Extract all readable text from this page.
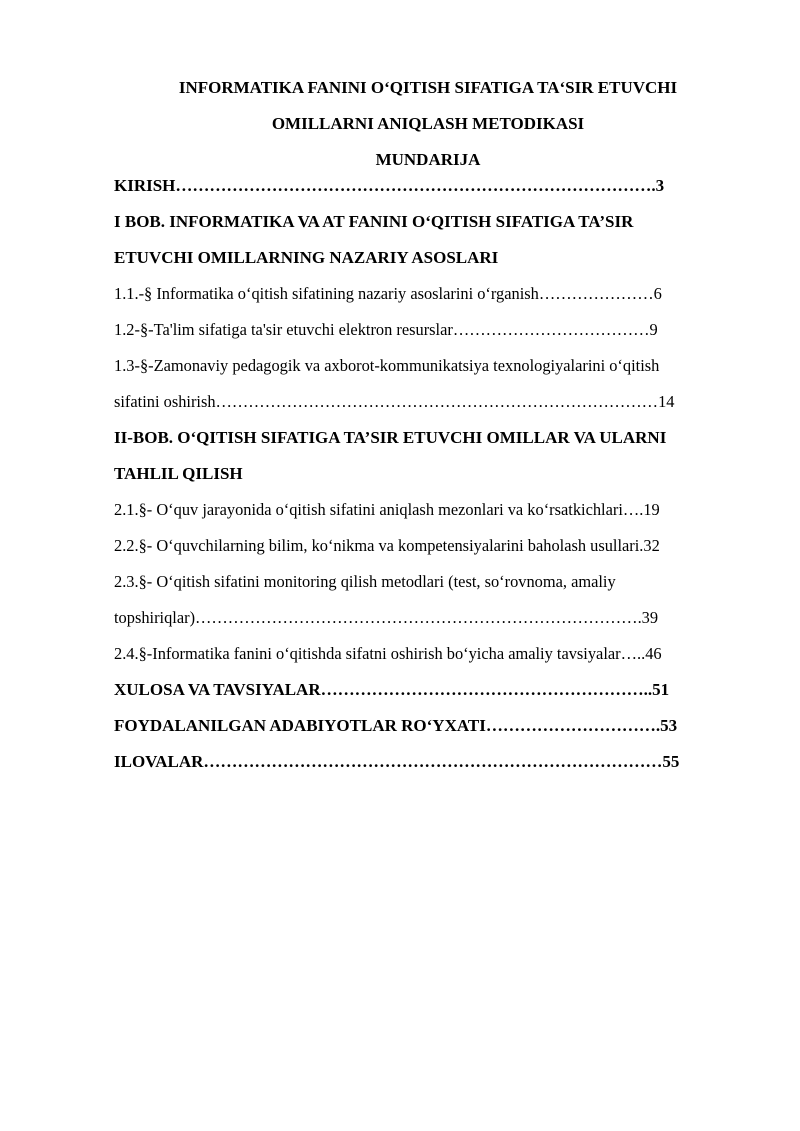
INFORMATIKA FANINI O‘QITISH SIFATIGA TA‘SIR ETUVCHI
OMILLARNI ANIQLASH METODIKASI
MUNDARIJA
KIRISH………………………………………………………………………….3
I BOB. INFORMATIKA VA AT FANINI O‘QITISH SIFATIGA TA’SIR
ETUVCHI OMILLARNING NAZARIY ASOSLARI
1.1.-§ Informatika o‘qitish sifatining nazariy asoslarini o‘rganish…………………6
1.2-§-Ta'lim sifatiga ta'sir etuvchi elektron resurslar………………………………9
1.3-§-Zamonaviy pedagogik va axborot-kommunikatsiya texnologiyalarini o‘qitish
sifatini oshirish………………………………………………………………………14
II-BOB. O‘QITISH SIFATIGA TA’SIR ETUVCHI OMILLAR VA ULARNI
TAHLIL QILISH
2.1.§- O‘quv jarayonida o‘qitish sifatini aniqlash mezonlari va ko‘rsatkichlari….19
2.2.§- O‘quvchilarning bilim, ko‘nikma va kompetensiyalarini baholash usullari.32
2.3.§- O‘qitish sifatini monitoring qilish metodlari (test, so‘rovnoma, amaliy
topshiriqlar)……………………………………………………………………….39
2.4.§-Informatika fanini o‘qitishda sifatni oshirish bo‘yicha amaliy tavsiyalar…..46
XULOSA VA TAVSIYALAR…………………………………………………..51
FOYDALANILGAN ADABIYOTLAR RO‘YXATI………………………….53
ILOVALAR………………………………………………………………………55
